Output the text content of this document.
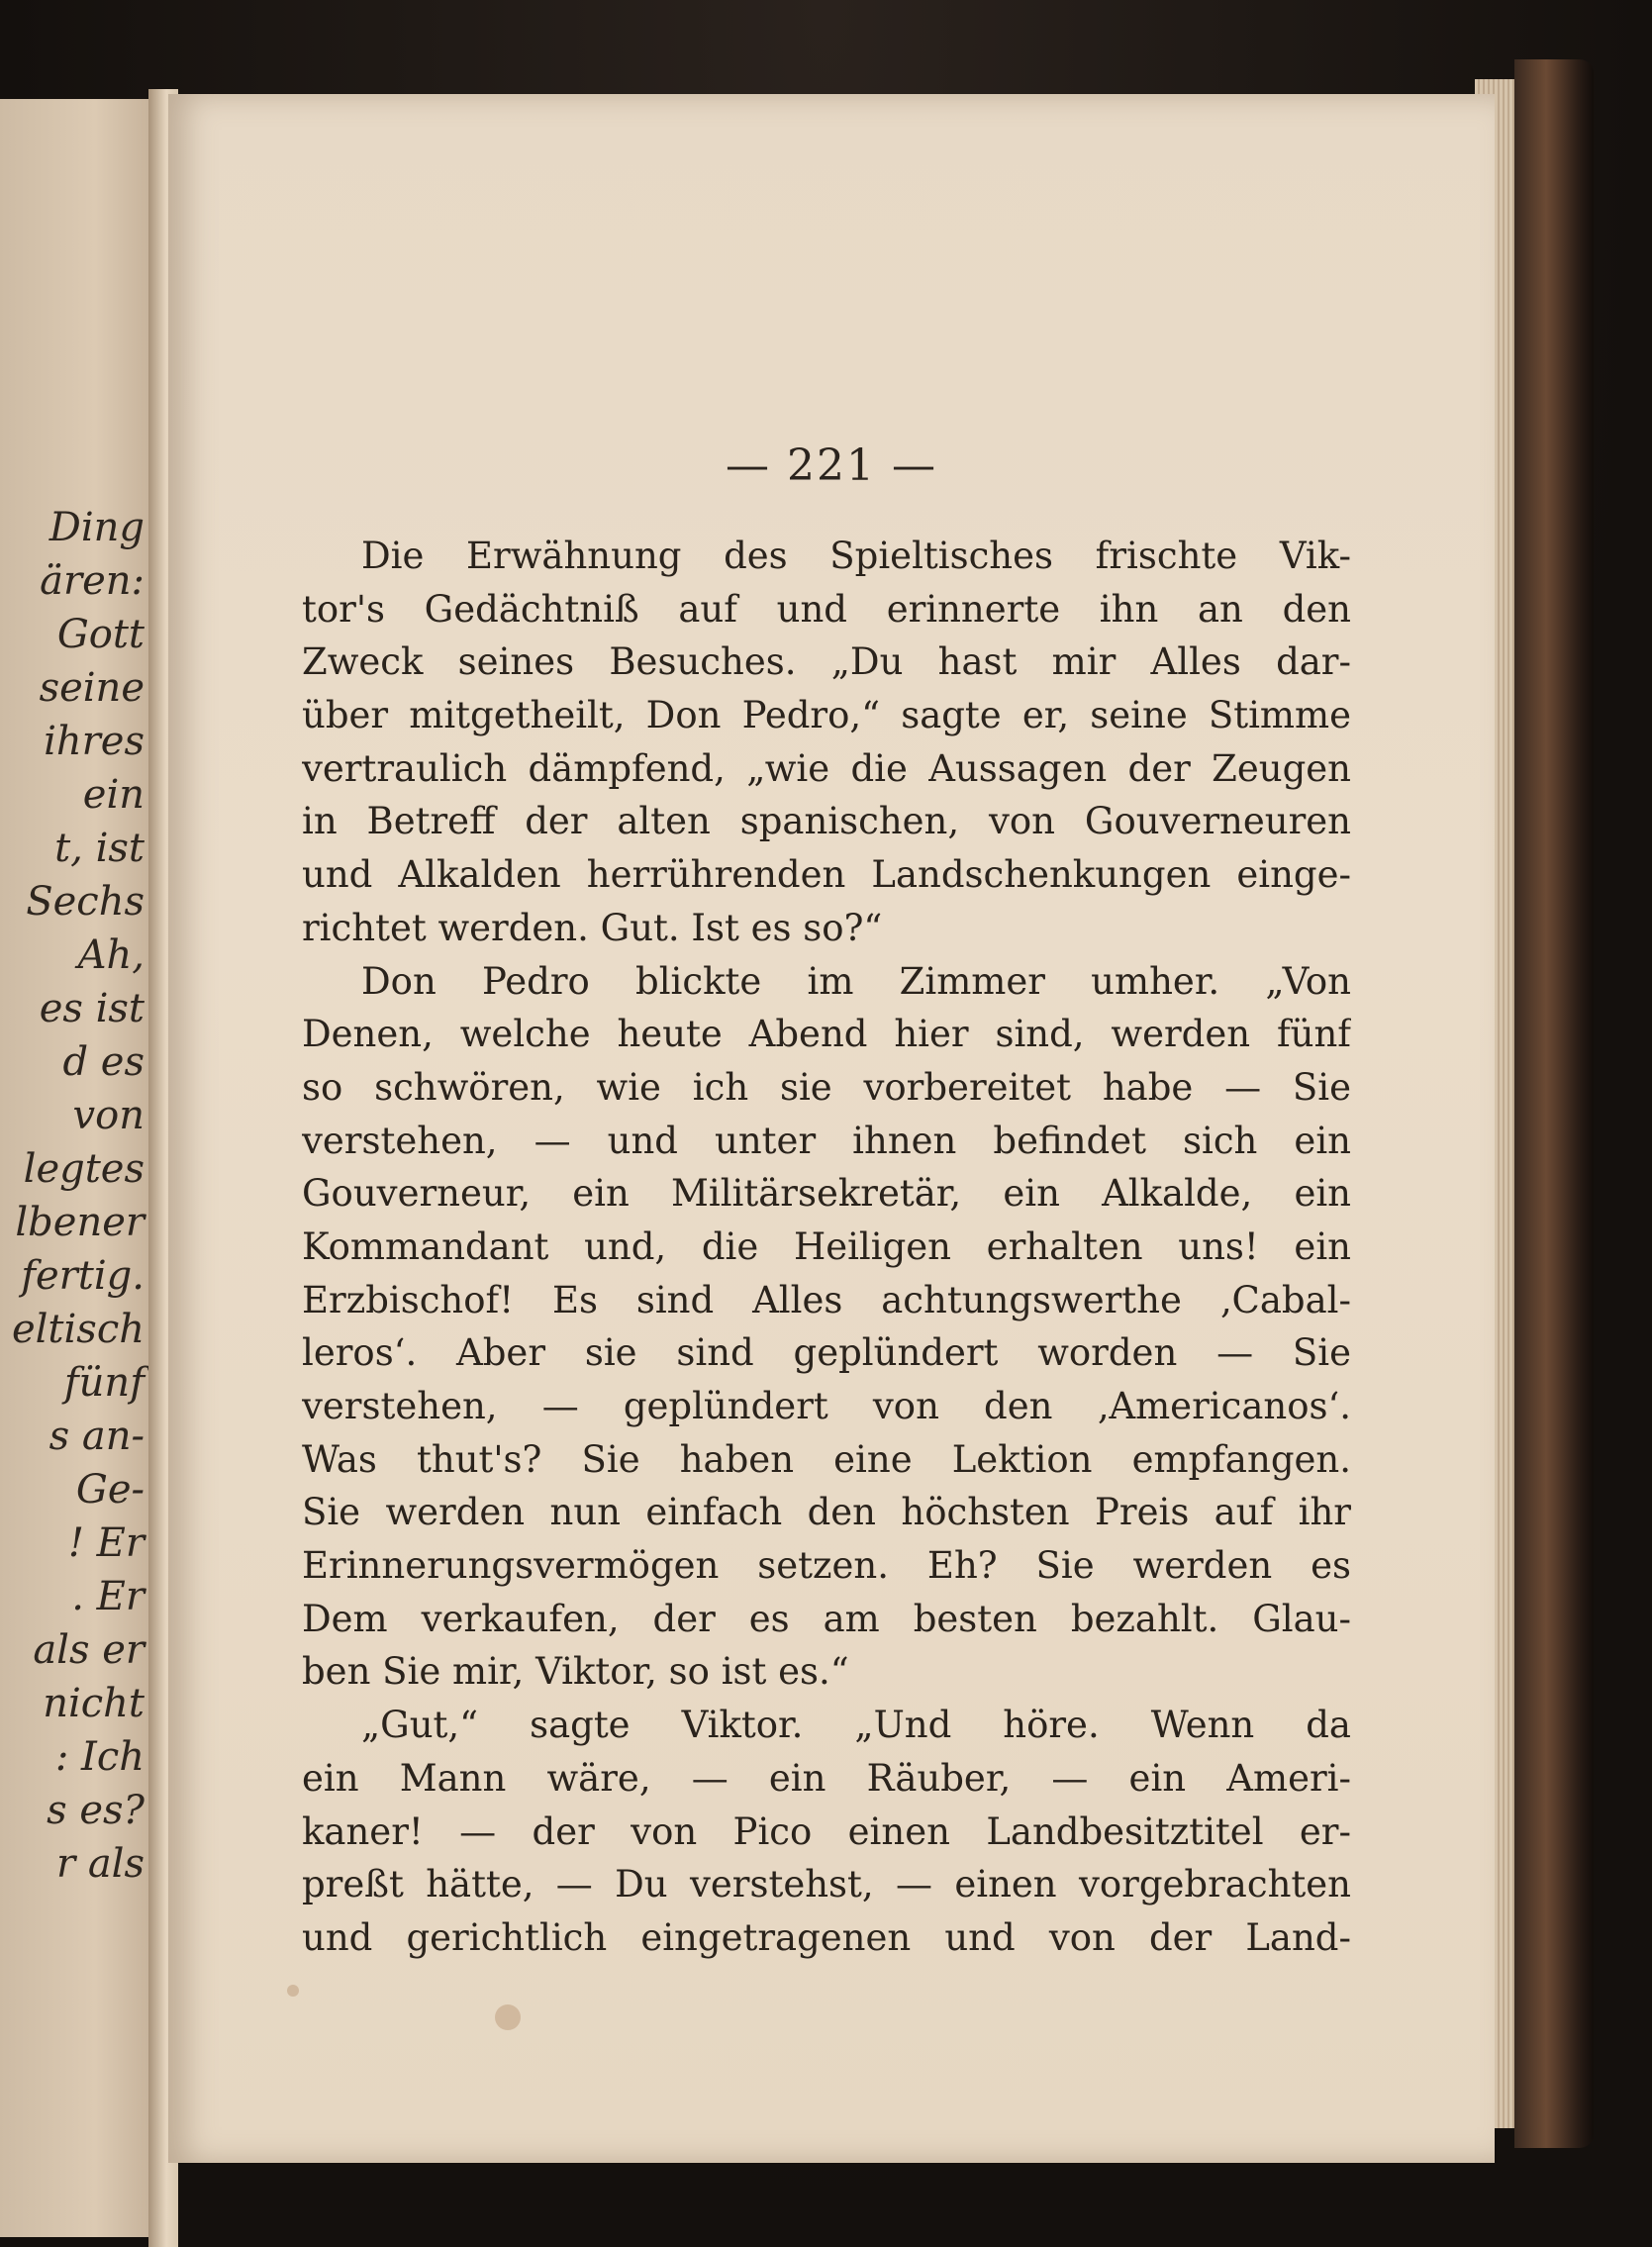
Ding
ären:
Gott
seine
ihres
ein
t, ist
Sechs
Ah,
es ist
d es
von
legtes
lbener
fertig.
eltisch
fünf
s an-
Ge-
! Er
. Er
als er
nicht
: Ich
s es?
r als
— 221 —
Die Erwähnung des Spieltisches frischte Vik-
tor's Gedächtniß auf und erinnerte ihn an den
Zweck seines Besuches. „Du hast mir Alles dar-
über mitgetheilt, Don Pedro,“ sagte er, seine Stimme
vertraulich dämpfend, „wie die Aussagen der Zeugen
in Betreff der alten spanischen, von Gouverneuren
und Alkalden herrührenden Landschenkungen einge-
richtet werden. Gut. Ist es so?“
Don Pedro blickte im Zimmer umher. „Von
Denen, welche heute Abend hier sind, werden fünf
so schwören, wie ich sie vorbereitet habe — Sie
verstehen, — und unter ihnen befindet sich ein
Gouverneur, ein Militärsekretär, ein Alkalde, ein
Kommandant und, die Heiligen erhalten uns! ein
Erzbischof! Es sind Alles achtungswerthe ‚Cabal-
leros‘. Aber sie sind geplündert worden — Sie
verstehen, — geplündert von den ‚Americanos‘.
Was thut's? Sie haben eine Lektion empfangen.
Sie werden nun einfach den höchsten Preis auf ihr
Erinnerungsvermögen setzen. Eh? Sie werden es
Dem verkaufen, der es am besten bezahlt. Glau-
ben Sie mir, Viktor, so ist es.“
„Gut,“ sagte Viktor. „Und höre. Wenn da
ein Mann wäre, — ein Räuber, — ein Ameri-
kaner! — der von Pico einen Landbesitztitel er-
preßt hätte, — Du verstehst, — einen vorgebrachten
und gerichtlich eingetragenen und von der Land-
